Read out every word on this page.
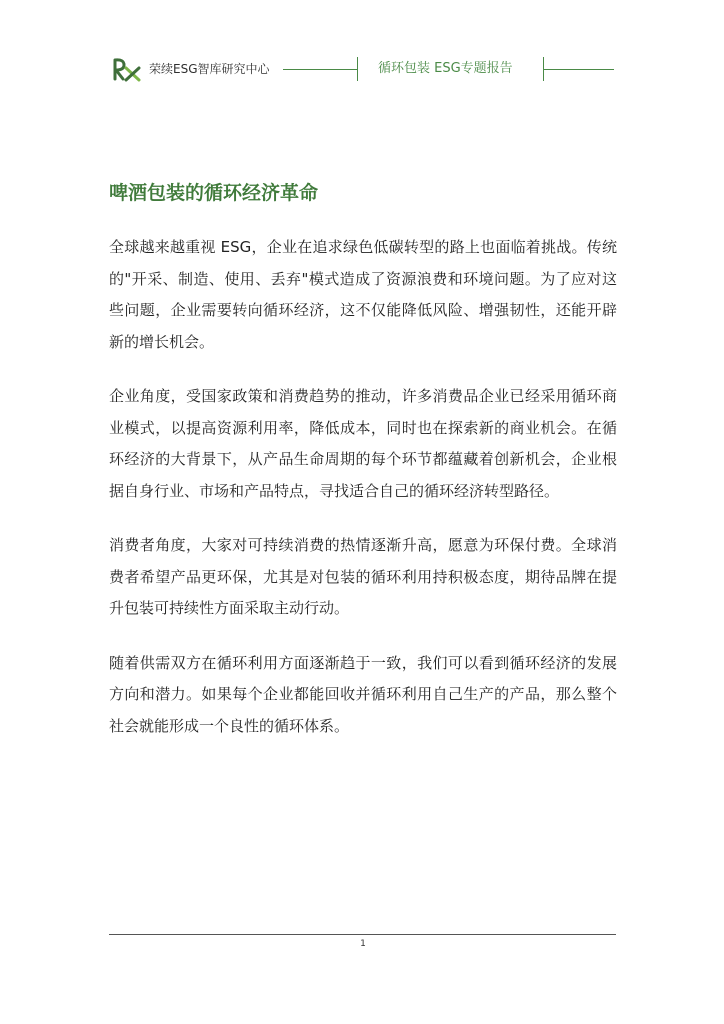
荣续ESG智库研究中心	循环包装 ESG专题报告
啤酒包装的循环经济革命

全球越来越重视 ESG，企业在追求绿色低碳转型的路上也面临着挑战。传统的"开采、制造、使用、丢弃"模式造成了资源浪费和环境问题。为了应对这些问题，企业需要转向循环经济，这不仅能降低风险、增强韧性，还能开辟新的增长机会。

企业角度，受国家政策和消费趋势的推动，许多消费品企业已经采用循环商业模式，以提高资源利用率，降低成本，同时也在探索新的商业机会。在循环经济的大背景下，从产品生命周期的每个环节都蕴藏着创新机会，企业根据自身行业、市场和产品特点，寻找适合自己的循环经济转型路径。

消费者角度，大家对可持续消费的热情逐渐升高，愿意为环保付费。全球消费者希望产品更环保，尤其是对包装的循环利用持积极态度，期待品牌在提升包装可持续性方面采取主动行动。

随着供需双方在循环利用方面逐渐趋于一致，我们可以看到循环经济的发展方向和潜力。如果每个企业都能回收并循环利用自己生产的产品，那么整个社会就能形成一个良性的循环体系。

1
